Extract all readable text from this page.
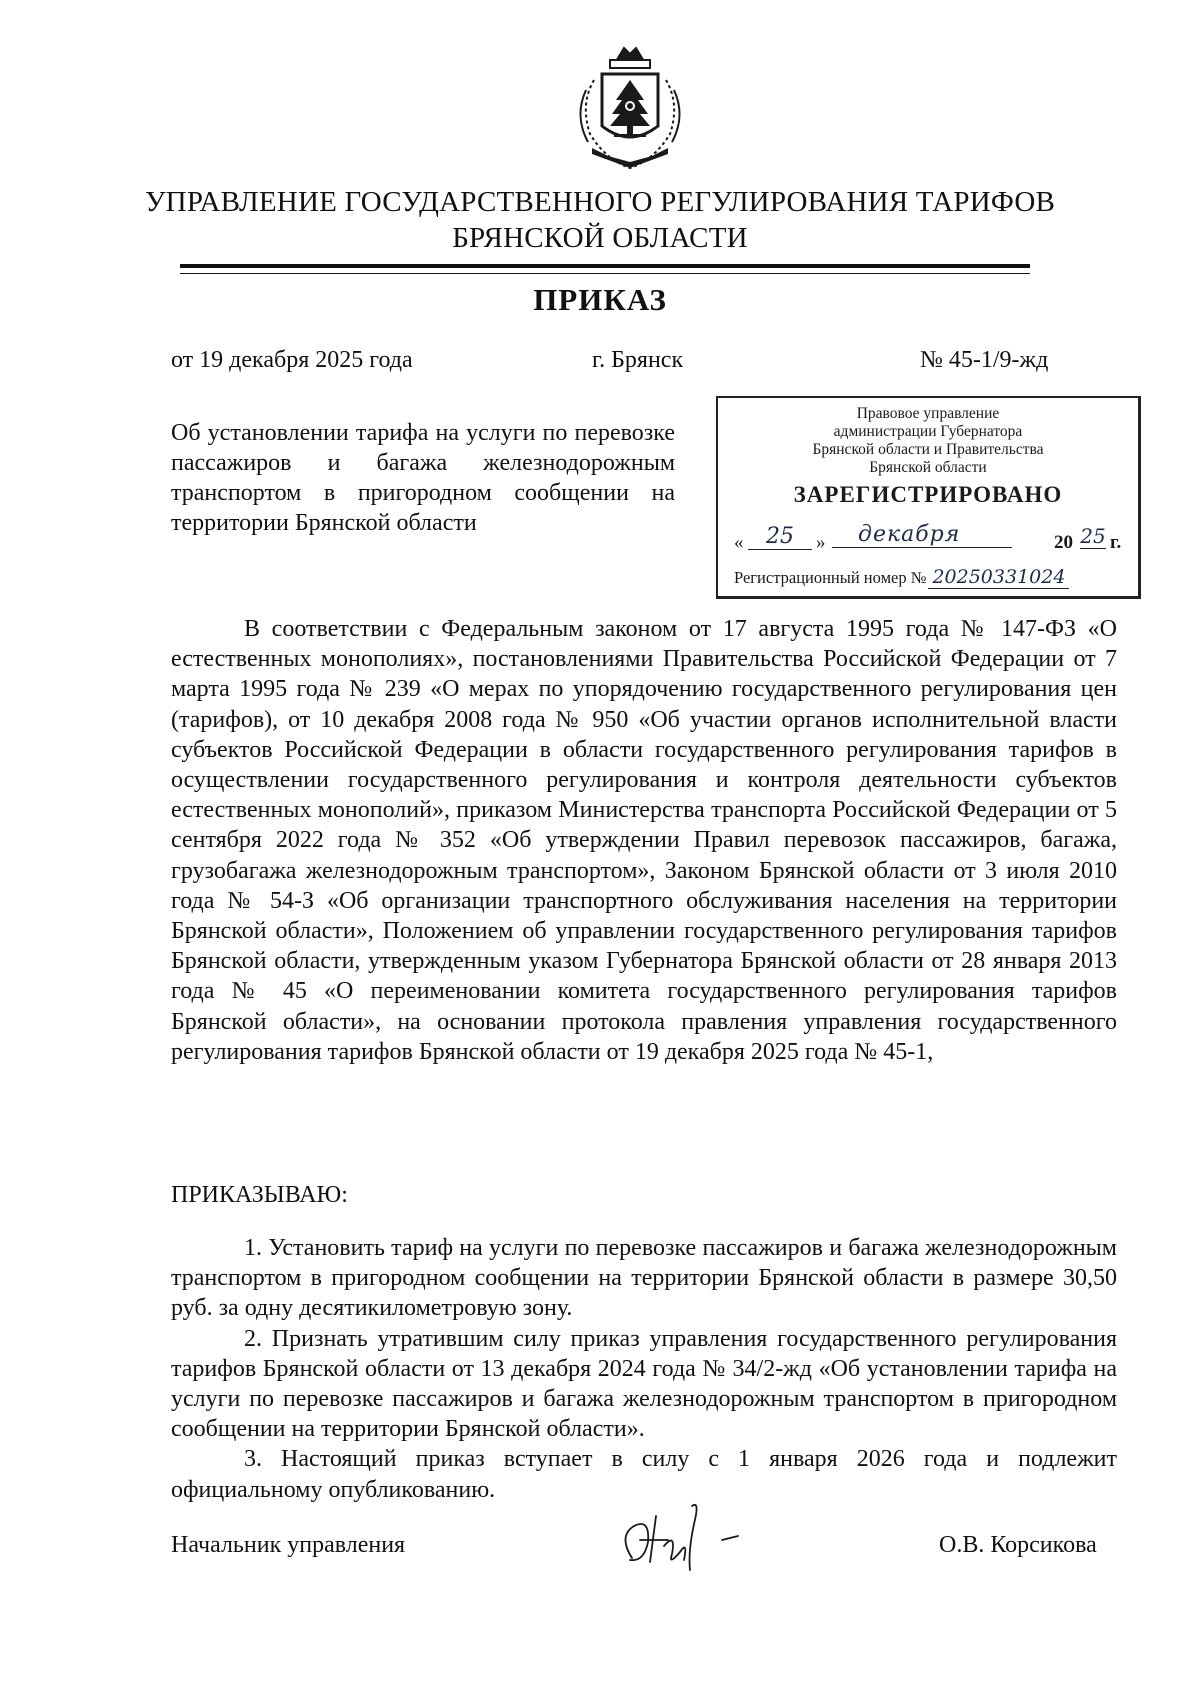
УПРАВЛЕНИЕ ГОСУДАРСТВЕННОГО РЕГУЛИРОВАНИЯ ТАРИФОВ
БРЯНСКОЙ ОБЛАСТИ
ПРИКАЗ
от 19 декабря 2025 года	г. Брянск	№ 45-1/9-жд
Об установлении тарифа на услуги по перевозке пассажиров и багажа железнодорожным транспортом в пригородном сообщении на территории Брянской области
Правовое управление
администрации Губернатора
Брянской области и Правительства
Брянской области
ЗАРЕГИСТРИРОВАНО
«	25	»	декабря	20 25 г.
Регистрационный номер № 20250331024

В соответствии с Федеральным законом от 17 августа 1995 года № 147-ФЗ «О естественных монополиях», постановлениями Правительства Российской Федерации от 7 марта 1995 года № 239 «О мерах по упорядочению государственного регулирования цен (тарифов), от 10 декабря 2008 года № 950 «Об участии органов исполнительной власти субъектов Российской Федерации в области государственного регулирования тарифов в осуществлении государственного регулирования и контроля деятельности субъектов естественных монополий», приказом Министерства транспорта Российской Федерации от 5 сентября 2022 года № 352 «Об утверждении Правил перевозок пассажиров, багажа, грузобагажа железнодорожным транспортом», Законом Брянской области от 3 июля 2010 года № 54-З «Об организации транспортного обслуживания населения на территории Брянской области», Положением об управлении государственного регулирования тарифов Брянской области, утвержденным указом Губернатора Брянской области от 28 января 2013 года № 45 «О переименовании комитета государственного регулирования тарифов Брянской области», на основании протокола правления управления государственного регулирования тарифов Брянской области от 19 декабря 2025 года № 45-1,

ПРИКАЗЫВАЮ:

1. Установить тариф на услуги по перевозке пассажиров и багажа железнодорожным транспортом в пригородном сообщении на территории Брянской области в размере 30,50 руб. за одну десятикилометровую зону.

2. Признать утратившим силу приказ управления государственного регулирования тарифов Брянской области от 13 декабря 2024 года № 34/2-жд «Об установлении тарифа на услуги по перевозке пассажиров и багажа железнодорожным транспортом в пригородном сообщении на территории Брянской области».

3. Настоящий приказ вступает в силу с 1 января 2026 года и подлежит официальному опубликованию.

Начальник управления	О.В. Корсикова
